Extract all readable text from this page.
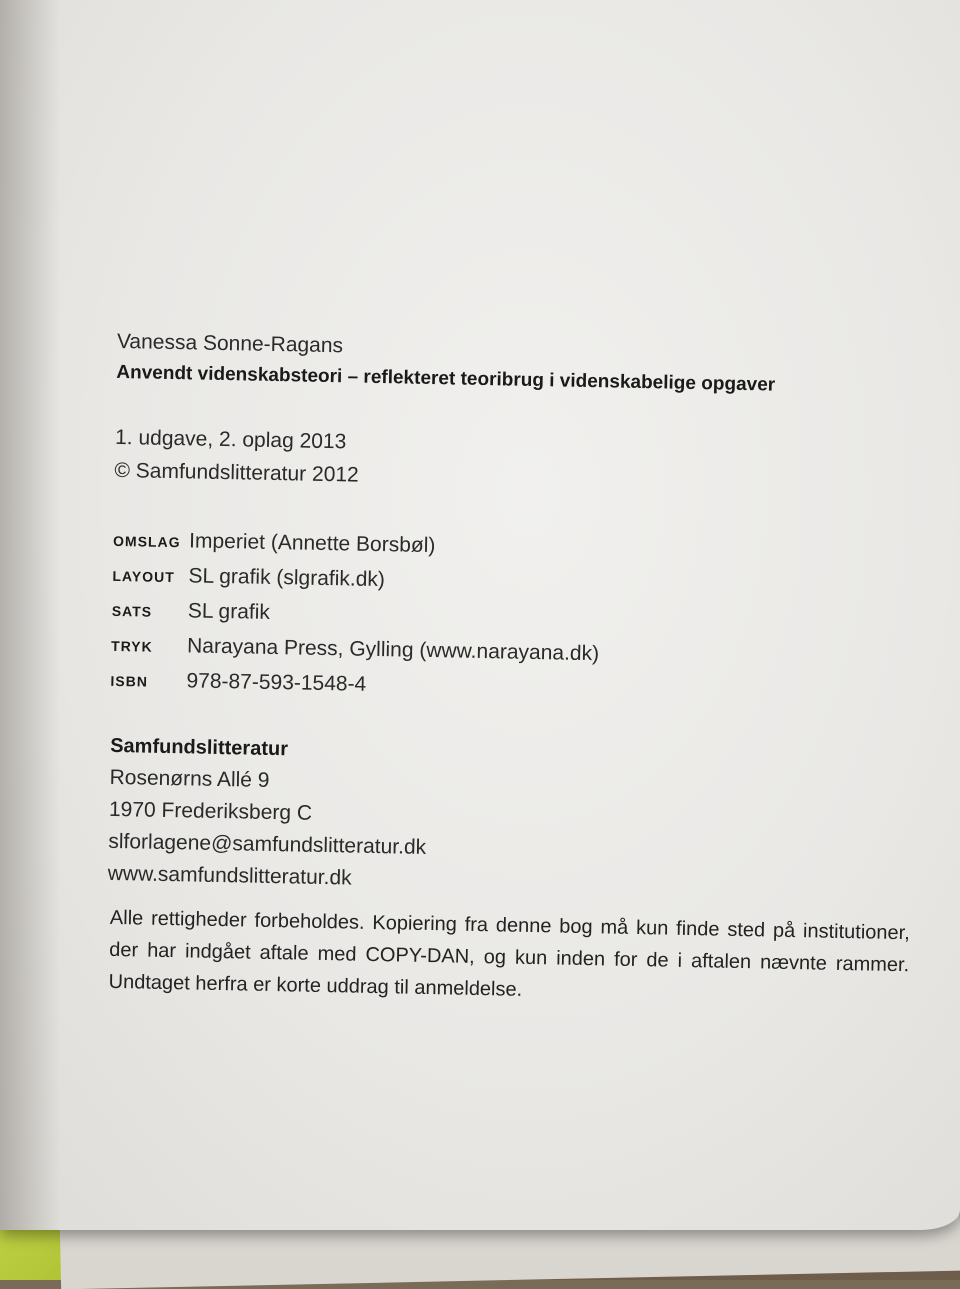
Vanessa Sonne-Ragans
Anvendt videnskabsteori – reflekteret teoribrug i videnskabelige opgaver
1. udgave, 2. oplag 2013
© Samfundslitteratur 2012
OMSLAG Imperiet (Annette Borsbøl)
LAYOUT SL grafik (slgrafik.dk)
SATS SL grafik
TRYK Narayana Press, Gylling (www.narayana.dk)
ISBN 978-87-593-1548-4
Samfundslitteratur
Rosenørns Allé 9
1970 Frederiksberg C
slforlagene@samfundslitteratur.dk
www.samfundslitteratur.dk
Alle rettigheder forbeholdes. Kopiering fra denne bog må kun finde sted på institutioner, der har indgået aftale med COPY-DAN, og kun inden for de i aftalen nævnte rammer. Undtaget herfra er korte uddrag til anmeldelse.
